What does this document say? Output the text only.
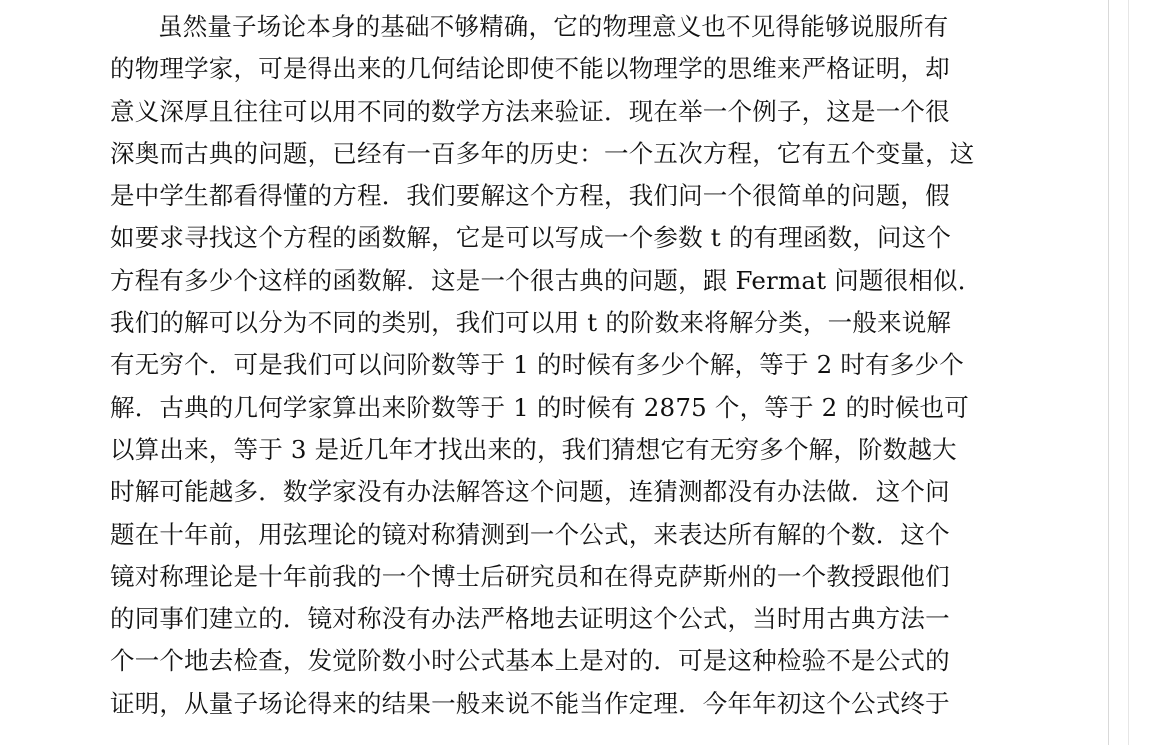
虽然量子场论本身的基础不够精确，它的物理意义也不见得能够说服所有
的物理学家，可是得出来的几何结论即使不能以物理学的思维来严格证明，却
意义深厚且往往可以用不同的数学方法来验证．现在举一个例子，这是一个很
深奥而古典的问题，已经有一百多年的历史：一个五次方程，它有五个变量，这
是中学生都看得懂的方程．我们要解这个方程，我们问一个很简单的问题，假
如要求寻找这个方程的函数解，它是可以写成一个参数 t 的有理函数，问这个
方程有多少个这样的函数解．这是一个很古典的问题，跟 Fermat 问题很相似．
我们的解可以分为不同的类别，我们可以用 t 的阶数来将解分类，一般来说解
有无穷个．可是我们可以问阶数等于 1 的时候有多少个解，等于 2 时有多少个
解．古典的几何学家算出来阶数等于 1 的时候有 2875 个，等于 2 的时候也可
以算出来，等于 3 是近几年才找出来的，我们猜想它有无穷多个解，阶数越大
时解可能越多．数学家没有办法解答这个问题，连猜测都没有办法做．这个问
题在十年前，用弦理论的镜对称猜测到一个公式，来表达所有解的个数．这个
镜对称理论是十年前我的一个博士后研究员和在得克萨斯州的一个教授跟他们
的同事们建立的．镜对称没有办法严格地去证明这个公式，当时用古典方法一
个一个地去检查，发觉阶数小时公式基本上是对的．可是这种检验不是公式的
证明，从量子场论得来的结果一般来说不能当作定理．今年年初这个公式终于
